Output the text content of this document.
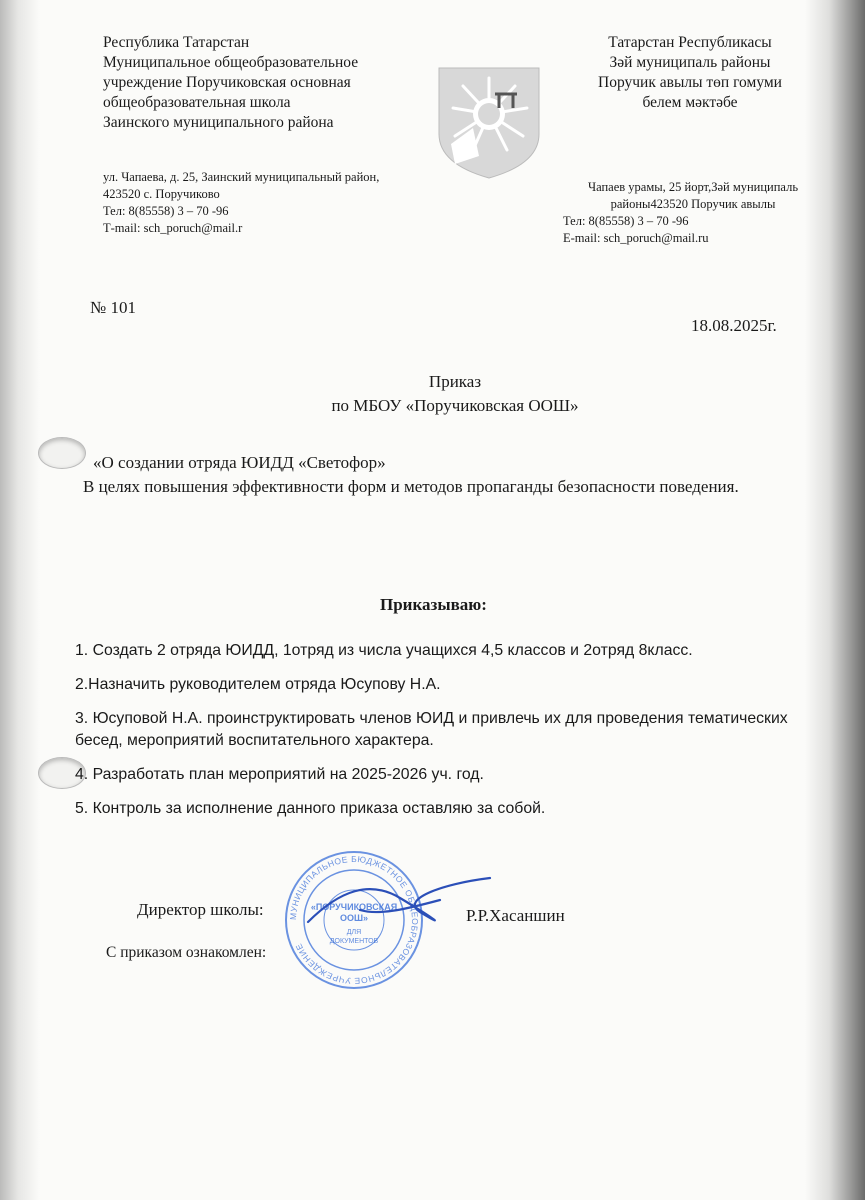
Республика Татарстан
Муниципальное общеобразовательное
учреждение Поручиковская основная
общеобразовательная школа
Заинского муниципального района
Татарстан Республикасы
Зәй муниципаль районы
Поручик авылы төп гомуми
белем мәктәбе
ул. Чапаева, д. 25, Заинский муниципальный район,
423520 с. Поручиково
Тел: 8(85558) 3 – 70 -96
Т-mail: sch_poruch@mail.r
Чапаев урамы, 25 йорт,Зәй муниципаль
районы423520 Поручик авылы
Тел: 8(85558) 3 – 70 -96
E-mail: sch_poruch@mail.ru
№ 101
18.08.2025г.
Приказ
по МБОУ «Поручиковская ООШ»
«О создании отряда ЮИДД «Светофор»
В целях повышения эффективности форм и методов пропаганды безопасности поведения.
Приказываю:
1. Создать 2 отряда ЮИДД, 1отряд из числа учащихся 4,5 классов и 2отряд 8класс.
2.Назначить руководителем отряда Юсупову Н.А.
3. Юсуповой Н.А. проинструктировать членов ЮИД и привлечь их для проведения тематических бесед, мероприятий воспитательного характера.
4. Разработать план мероприятий на 2025-2026 уч. год.
5. Контроль за исполнение данного приказа оставляю за собой.
МУНИЦИПАЛЬНОЕ БЮДЖЕТНОЕ ОБЩЕОБРАЗОВАТЕЛЬНОЕ УЧРЕЖДЕНИЕ
«ПОРУЧИКОВСКАЯ
ООШ»
ДЛЯ
ДОКУМЕНТОВ
Директор школы:	Р.Р.Хасаншин
С приказом ознакомлен:
